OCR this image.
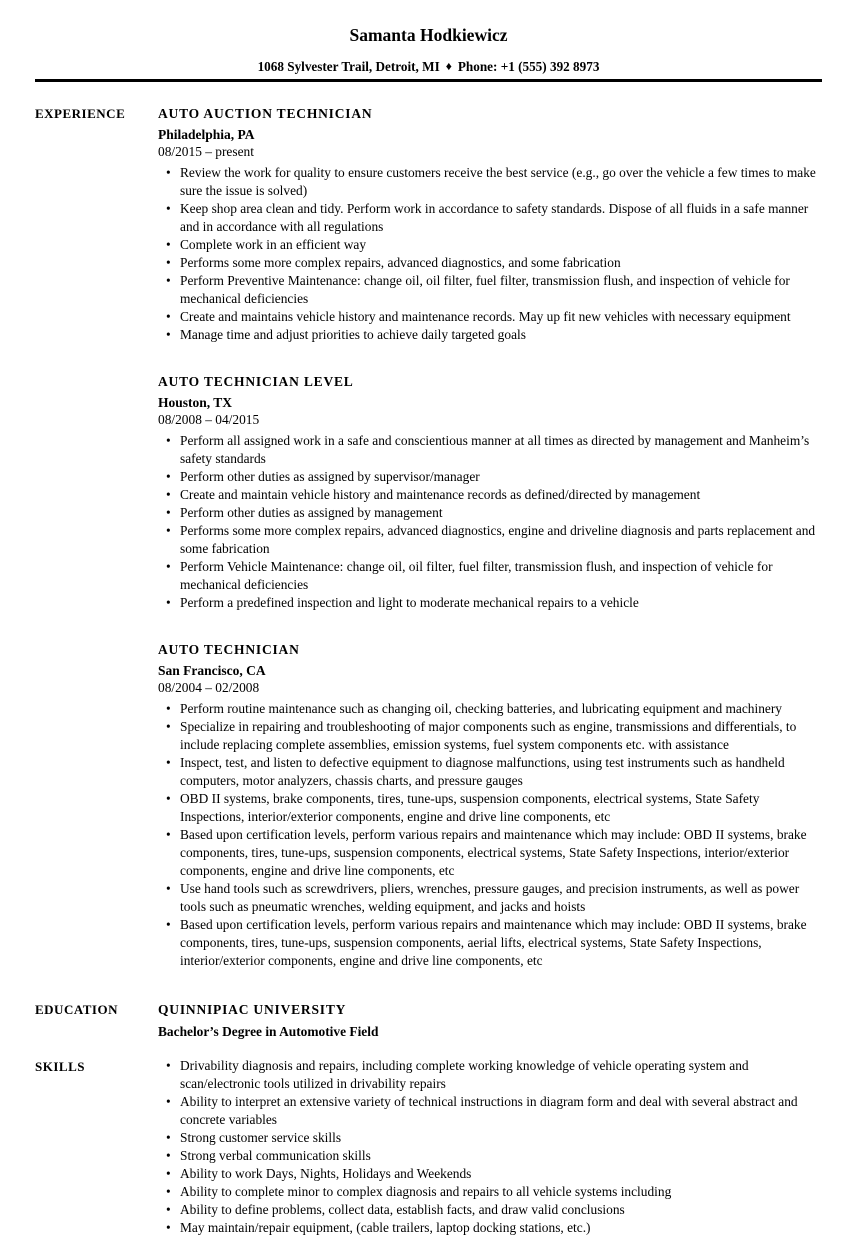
Samanta Hodkiewicz
1068 Sylvester Trail, Detroit, MI ♦ Phone: +1 (555) 392 8973
EXPERIENCE	AUTO AUCTION TECHNICIAN
Philadelphia, PA
08/2015 – present
• Review the work for quality to ensure customers receive the best service (e.g., go over the vehicle a few times to make sure the issue is solved)
• Keep shop area clean and tidy. Perform work in accordance to safety standards. Dispose of all fluids in a safe manner and in accordance with all regulations
• Complete work in an efficient way
• Performs some more complex repairs, advanced diagnostics, and some fabrication
• Perform Preventive Maintenance: change oil, oil filter, fuel filter, transmission flush, and inspection of vehicle for mechanical deficiencies
• Create and maintains vehicle history and maintenance records. May up fit new vehicles with necessary equipment
• Manage time and adjust priorities to achieve daily targeted goals
AUTO TECHNICIAN LEVEL
Houston, TX
08/2008 – 04/2015
• Perform all assigned work in a safe and conscientious manner at all times as directed by management and Manheim’s safety standards
• Perform other duties as assigned by supervisor/manager
• Create and maintain vehicle history and maintenance records as defined/directed by management
• Perform other duties as assigned by management
• Performs some more complex repairs, advanced diagnostics, engine and driveline diagnosis and parts replacement and some fabrication
• Perform Vehicle Maintenance: change oil, oil filter, fuel filter, transmission flush, and inspection of vehicle for mechanical deficiencies
• Perform a predefined inspection and light to moderate mechanical repairs to a vehicle
AUTO TECHNICIAN
San Francisco, CA
08/2004 – 02/2008
• Perform routine maintenance such as changing oil, checking batteries, and lubricating equipment and machinery
• Specialize in repairing and troubleshooting of major components such as engine, transmissions and differentials, to include replacing complete assemblies, emission systems, fuel system components etc. with assistance
• Inspect, test, and listen to defective equipment to diagnose malfunctions, using test instruments such as handheld computers, motor analyzers, chassis charts, and pressure gauges
• OBD II systems, brake components, tires, tune-ups, suspension components, electrical systems, State Safety Inspections, interior/exterior components, engine and drive line components, etc
• Based upon certification levels, perform various repairs and maintenance which may include: OBD II systems, brake components, tires, tune-ups, suspension components, electrical systems, State Safety Inspections, interior/exterior components, engine and drive line components, etc
• Use hand tools such as screwdrivers, pliers, wrenches, pressure gauges, and precision instruments, as well as power tools such as pneumatic wrenches, welding equipment, and jacks and hoists
• Based upon certification levels, perform various repairs and maintenance which may include: OBD II systems, brake components, tires, tune-ups, suspension components, aerial lifts, electrical systems, State Safety Inspections, interior/exterior components, engine and drive line components, etc
EDUCATION	QUINNIPIAC UNIVERSITY
Bachelor’s Degree in Automotive Field
SKILLS	• Drivability diagnosis and repairs, including complete working knowledge of vehicle operating system and scan/electronic tools utilized in drivability repairs
• Ability to interpret an extensive variety of technical instructions in diagram form and deal with several abstract and concrete variables
• Strong customer service skills
• Strong verbal communication skills
• Ability to work Days, Nights, Holidays and Weekends
• Ability to complete minor to complex diagnosis and repairs to all vehicle systems including
• Ability to define problems, collect data, establish facts, and draw valid conclusions
• May maintain/repair equipment, (cable trailers, laptop docking stations, etc.)
